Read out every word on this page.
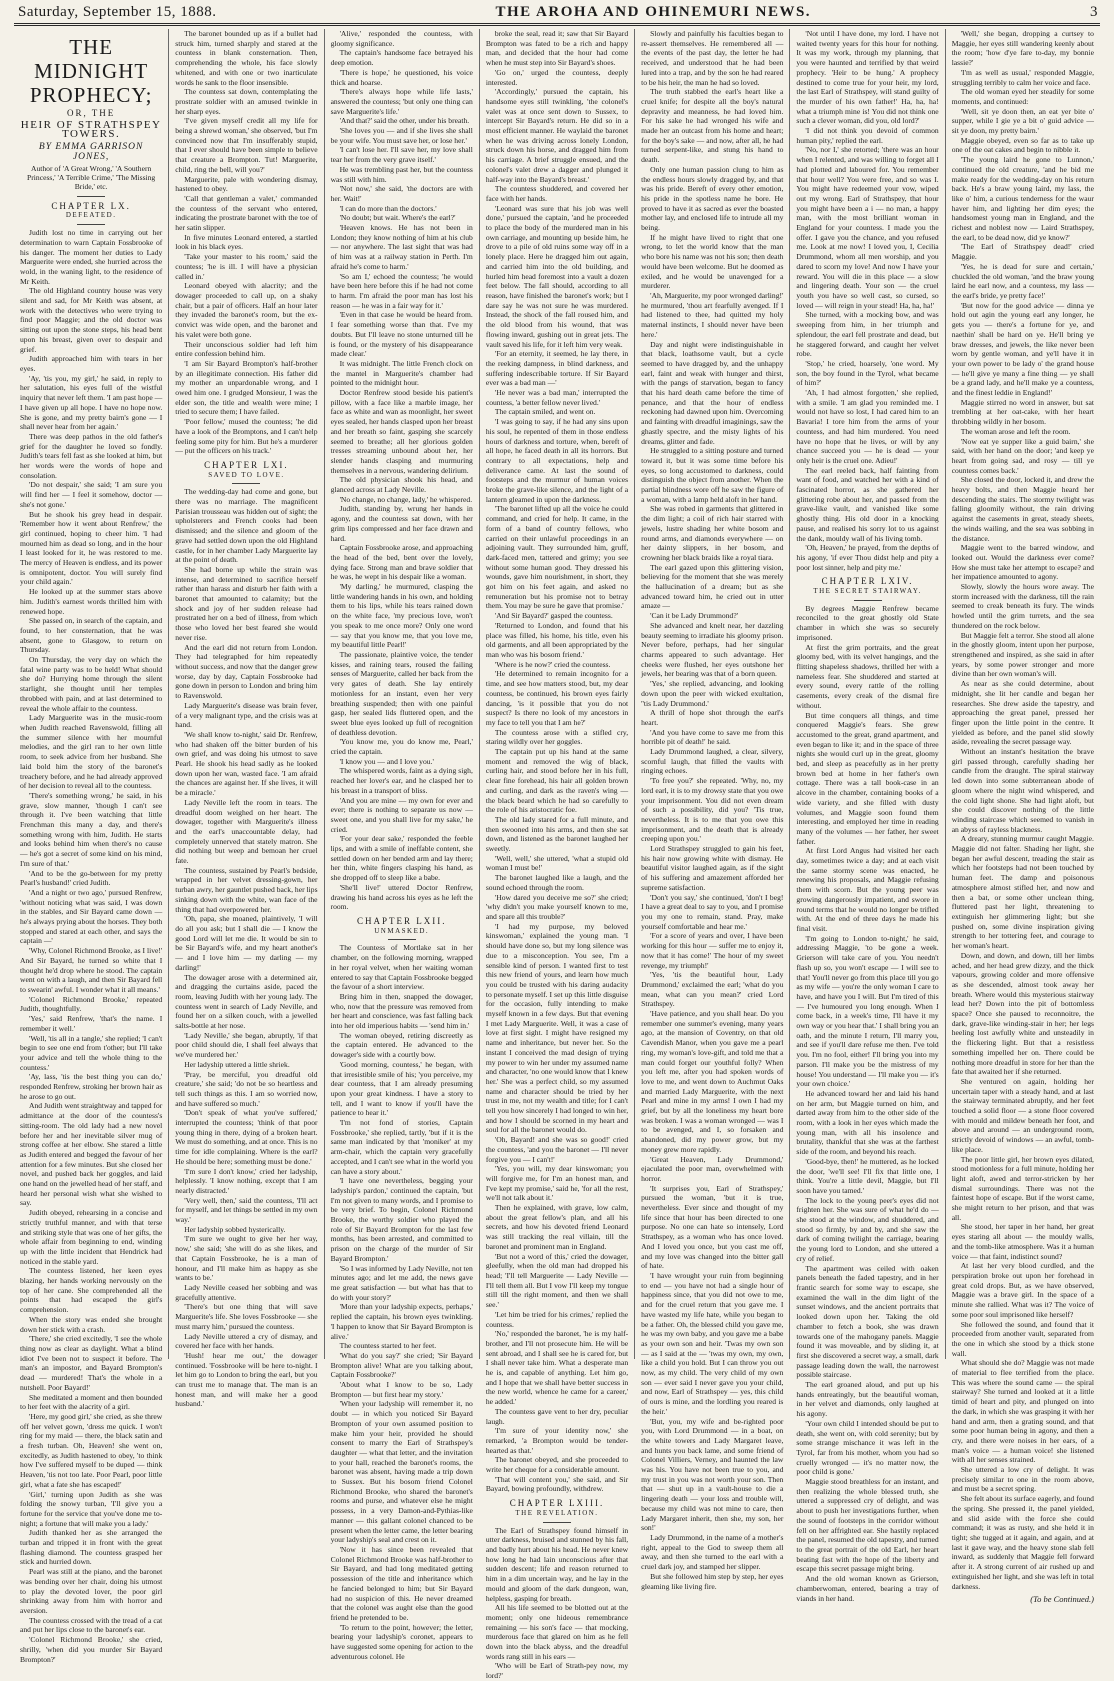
Saturday, September 15, 1888.	THE AROHA AND OHINEMURI NEWS.	3
THE MIDNIGHT PROPHECY;
OR, THE
HEIR OF STRATHSPEY TOWERS.
BY EMMA GARRISON JONES,
Author of 'A Great Wrong,' 'A Southern Princess,' 'A Terrible Crime,' 'The Missing Bride,' etc.
CHAPTER LX.
DEFEATED.

Judith lost no time in carrying out her determination to warn Captain Fossbrooke of his danger. The moment her duties to Lady Marguerite were ended, she hurried across the wold, in the waning light, to the residence of Mr Keith.

The old Highland country house was very silent and sad, for Mr Keith was absent, at work with the detectives who were trying to find poor Maggie; and the old doctor was sitting out upon the stone steps, his head bent upon his breast, given over to despair and grief.

Judith approached him with tears in her eyes.

'Ay, 'tis you, my girl,' he said, in reply to her salutation, his eyes full of the wistful inquiry that never left them. 'I am past hope — I have given up all hope. I have no hope now. She is gone, and my pretty bairn's gone — I shall never hear from her again.'

There was deep pathos in the old father's grief for the daughter he loved so fondly. Judith's tears fell fast as she looked at him, but her words were the words of hope and consolation.

'Do not despair,' she said; 'I am sure you will find her — I feel it somehow, doctor — she's not gone.'

But he shook his grey head in despair. 'Remember how it went about Renfrew,' the girl continued, hoping to cheer him. 'I had mourned him as dead so long, and in the hour I least looked for it, he was restored to me. The mercy of Heaven is endless, and its power is omnipotent, doctor. You will surely find your child again.'

He looked up at the summer stars above him. Judith's earnest words thrilled him with renewed hope.

She passed on, in search of the captain, and found, to her consternation, that he was absent, gone to Glasgow, to return on Thursday.

On Thursday, the very day on which the fatal wine party was to be held! What should she do? Hurrying home through the silent starlight, she thought until her temples throbbed with pain, and at last determined to reveal the whole affair to the countess.

Lady Marguerite was in the music-room when Judith reached Ravenswold, filling all the summer silence with her mournful melodies, and the girl ran to her own little room, to seek advice from her husband. She laid bold him the story of the baronet's treachery before, and he had already approved of her decision to reveal all to the countess.

'There's something wrong,' he said, in his grave, slow manner, 'though I can't see through it. I've been watching that little Frenchman this many a day, and there's something wrong with him, Judith. He starts and looks behind him when there's no cause — he's got a secret of some kind on his mind, I'm sure of that.'

'And to be the go-between for my pretty Pearl's husband!' cried Judith.

'And a night or two ago,' pursued Renfrew, 'without noticing what was said, I was down in the stables, and Sir Bayard came down — he's always prying about the horses. They both stopped and stared at each other, and says the captain —'

'Why, Colonel Richmond Brooke, as I live!' And Sir Bayard, he turned so white that I thought he'd drop where he stood. The captain went on with a laugh, and then Sir Bayard fell to swearin' awful. I wonder what it all means.'

'Colonel Richmond Brooke,' repeated Judith, thoughtfully.

'Yes,' said Renfrew, 'that's the name. I remember it well.'

'Well, 'tis all in a tangle,' she replied; 'I can't begin to see one end from t'other; but I'll take your advice and tell the whole thing to the countess.'

'Ay, lass, 'tis the best thing you can do,' responded Renfrew, stroking her brown hair as he arose to go out.

And Judith went straightway and tapped for admittance at the door of the countess's sitting-room. The old lady had a new novel before her and her inevitable silver mug of strong coffee at her elbow. She stared a little as Judith entered and begged the favour of her attention for a few minutes. But she closed her novel, and pushed back her goggles, and laid one hand on the jewelled head of her staff, and heard her personal wish what she wished to say.

Judith obeyed, rehearsing in a concise and strictly truthful manner, and with that terse and striking style that was one of her gifts, the whole affair from beginning to end, winding up with the little incident that Hendrick had noticed in the stable yard.

The countess listened, her keen eyes blazing, her hands working nervously on the top of her cane. She comprehended all the points that had escaped the girl's comprehension.

When the story was ended she brought down her stick with a crash.

'There,' she cried excitedly, 'I see the whole thing now as clear as daylight. What a blind idiot I've been not to suspect it before. The man's an impostor, and Bayard Brompton's dead — murdered! That's the whole in a nutshell. Poor Bayard!'

She meditated a moment and then bounded to her feet with the alacrity of a girl.

'Here, my good girl,' she cried, as she threw off her velvet gown, 'dress me quick. I won't ring for my maid — there, the black satin and a fresh turban. Oh, Heaven! she went on, excitedly, as Judith hastened to obey, 'to think how I've suffered myself to be duped — think Heaven, 'tis not too late. Poor Pearl, poor little girl, what a fate she has escaped!'

'Girl,' turning upon Judith as she was folding the snowy turban, 'I'll give you a fortune for the service that you've done me to-night; a fortune that will make you a lady.'

Judith thanked her as she arranged the turban and tripped it in front with the great flashing diamond. The countess grasped her stick and hurried down.

Pearl was still at the piano, and the baronet was bending over her chair, doing his utmost to play the devoted lover, the poor girl shrinking away from him with horror and aversion.

The countess crossed with the tread of a cat and put her lips close to the baronet's ear.

'Colonel Richmond Brooke,' she cried, shrilly, 'when did you murder Sir Bayard Brompton?'

The baronet bounded up as if a bullet had struck him, turned sharply and stared at the countess in blank consternation. Then, comprehending the whole, his face slowly whitened, and with one or two inarticulate words he sank to the floor insensible.

The countess sat down, contemplating the prostrate soldier with an amused twinkle in her sharp eyes.

'I've given myself credit all my life for being a shrewd woman,' she observed, 'but I'm convinced now that I'm insufferably stupid, that I ever should have been simple to believe that creature a Brompton. Tut! Marguerite, child, ring the bell, will you?'

Marguerite, pale with wondering dismay, hastened to obey.

'Call that gentleman a valet,' commanded the countess of the servant who entered, indicating the prostrate baronet with the toe of her satin slipper.

In five minutes Leonard entered, a startled look in his black eyes.

'Take your master to his room,' said the countess; 'he is ill. I will have a physician called in.'

Leonard obeyed with alacrity; and the dowager proceeded to call up, on a shaky chair, but a pair of officers. Half an hour later they invaded the baronet's room, but the ex-convict was wide open, and the baronet and his valet were both gone.

Their unconscious soldier had left him entire confession behind him.

'I am Sir Bayard Brompton's half-brother by an illegitimate connection. His father did my mother an unpardonable wrong, and I owed him one. I grudged Monsieur, I was the elder son, the title and wealth were mine; I tried to secure them; I have failed.

'Poor fellow,' mused the countess; 'he did have a look of the Bromptons, and I can't help feeling some pity for him. But he's a murderer — put the officers on his track.'

CHAPTER LXI.
SAVED TO LOVE.

The wedding-day had come and gone, but there was no marriage. The magnificent Parisian trousseau was hidden out of sight; the upholsterers and French cooks had been dismissed; and the silence and gloom of the grave had settled down upon the old Highland castle, for in her chamber Lady Marguerite lay at the point of death.

She had borne up while the strain was intense, and determined to sacrifice herself rather than harass and disturb her faith with a baronet that amounted to calamity; but the shock and joy of her sudden release had prostrated her on a bed of illness, from which those who loved her best feared she would never rise.

And the earl did not return from London. They had telegraphed for him repeatedly without success, and now that the danger grew worse, day by day, Captain Fossbrooke had gone down in person to London and bring him to Ravenswold.

Lady Marguerite's disease was brain fever, of a very malignant type, and the crisis was at hand.

'We shall know to-night,' said Dr. Renfrew, who had shaken off the bitter burden of his own grief, and was doing his utmost to save Pearl. He shook his head sadly as he looked down upon her wan, wasted face. 'I am afraid the chances are against her. If she lives, it will be a miracle.'

Lady Neville left the room in tears. The dreadful doom weighed on her heart. The dowager, together with Marguerite's illness and the earl's unaccountable delay, had completely unnerved that stately matron. She did nothing but weep and bemoan her cruel fate.

The countess, sustained by Pearl's bedside, wrapped in her velvet dressing-gown, her turban awry, her gauntlet pushed back, her lips sinking down with the white, wan face of the thing that had overpowered her.

'Oh, papa, she moaned, plaintively, 'I will do all you ask; but I shall die — I know the good Lord will let me die. It would be sin to be Sir Bayard's wife, and my heart another's — and I love him — my darling — my darling!'

The dowager arose with a determined air, and dragging the curtains aside, paced the room, leaving Judith with her young lady. The countess went in search of Lady Neville, and found her on a silken couch, with a jewelled salts-bottle at her nose.

'Lady Neville,' she began, abruptly, 'if that poor child should die, I shall feel always that we've murdered her.'

Her ladyship uttered a little shriek.

'Pray, be merciful, you dreadful old creature,' she said; 'do not be so heartless and tell such things as this. I am so worried now, and have suffered so much.'

'Don't speak of what you've suffered,' interrupted the countess; 'think of that poor young thing in there, dying of a broken heart. We must do something, and at once. This is no time for idle complaining. Where is the earl? He should be here; something must be done.'

'I'm sure I don't know,' cried her ladyship, helplessly. 'I know nothing, except that I am nearly distracted.'

'Very well, then,' said the countess, 'I'll act for myself, and let things be settled in my own way.'

Her ladyship sobbed hysterically.

'I'm sure we ought to give her her way, now,' she said; 'she will do as she likes, and that Captain Fossbrooke, he is a man of honour, and I'll make him as happy as she wants to be.'

Lady Neville ceased her sobbing and was gracefully attentive.

'There's but one thing that will save Marguerite's life. She loves Fossbrooke — she must marry him,' pursued the countess.

Lady Neville uttered a cry of dismay, and covered her face with her hands.

'Hush! hear me out,' the dowager continued. 'Fossbrooke will be here to-night. I let him go to London to bring the earl, but you can trust me to manage that. The man is an honest man, and will make her a good husband.'

'Alive,' responded the countess, with gloomy significance.

The captain's handsome face betrayed his deep emotion.

'There is hope,' he questioned, his voice thick and hoarse.

'There's always hope while life lasts,' answered the countess; 'but only one thing can save Marguerite's life.'

'And that?' said the other, under his breath.

'She loves you — and if she lives she shall be your wife. You must save her, or lose her.'

'I can't lose her. I'll save her, my love shall tear her from the very grave itself.'

He was trembling past her, but the countess was still with him.

'Not now,' she said, 'the doctors are with her. Wait!'

'I can do more than the doctors.'

'No doubt; but wait. Where's the earl?'

'Heaven knows. He has not been in London; they know nothing of him at his club — nor anywhere. The last sight that was had of him was at a railway station in Perth. I'm afraid he's come to harm.'

'So am I,' echoed the countess; 'he would have been here before this if he had not come to harm. I'm afraid the poor man has lost his reason — he was in a fair way for it.'

'Even in that case he would be heard from. I fear something worse than that. I've my doubts. But I'll leave no stone unturned till he is found, or the mystery of his disappearance made clear.'

It was midnight. The little French clock on the mantel in Marguerite's chamber had pointed to the midnight hour.

Doctor Renfrew stood beside his patient's pillow, with a face like a marble image, her face as white and wan as moonlight, her sweet eyes sealed, her hands clasped upon her breast and her breath so faint, gasping she scarcely seemed to breathe; all her glorious golden tresses streaming unbound about her, her slender hands clasping and murmuring themselves in a nervous, wandering delirium.

The old physician shook his head, and glanced across at Lady Neville.

'No change, no change, lady,' he whispered.

Judith, standing by, wrung her hands in agony, and the countess sat down, with her grim lips compressed and her face drawn and hard.

Captain Fossbrooke arose, and approaching the head of the bed, bent over the lovely, dying face. Strong man and brave soldier that he was, he wept in his despair like a woman.

'My darling,' he murmured, clasping the little wandering hands in his own, and holding them to his lips, while his tears rained down on the white face, 'my precious love, won't you speak to me once more? Only one word — say that you know me, that you love me, my beautiful little Pearl!'

The passionate, plaintive voice, the tender kisses, and raining tears, roused the failing senses of Marguerite, called her back from the very gates of death. She lay entirely motionless for an instant, even her very breathing suspended; then with one painful gasp, her sealed lids fluttered open, and the sweet blue eyes looked up full of recognition of deathless devotion.

'You know me, you do know me, Pearl,' cried the captain.

'I know you — and I love you.'

The whispered words, faint as a dying sigh, reached her lover's ear, and he clasped her to his breast in a transport of bliss.

'And you are mine — my own for ever and ever; there is nothing to separate us now — sweet one, and you shall live for my sake,' he cried.

'For your dear sake,' responded the feeble lips, and with a smile of ineffable content, she settled down on her bended arm and lay there; her thin, white fingers clasping his hand, as she dropped off to sleep like a babe.

'She'll live!' uttered Doctor Renfrew, drawing his hand across his eyes as he left the room.

CHAPTER LXII.
UNMASKED.

The Countess of Mortlake sat in her chamber, on the following morning, wrapped in her royal velvet, when her waiting woman entered to say that Captain Fossbrooke begged the favour of a short interview.

Bring him in then, snapped the dowager, who, now that the pressure was removed from her heart and conscience, was fast falling back into her old imperious habits — 'send him in.'

The woman obeyed, retiring discreetly as the captain entered. He advanced to the dowager's side with a courtly bow.

'Good morning, countess,' he began, with that irresistible smile of his; 'you perceive, my dear countess, that I am already presuming upon your great kindness. I have a story to tell, and I want to know if you'll have the patience to hear it.'

'I'm not fond of stories, Captain Fossbrooke,' she replied, tartly, 'but if it is the same man indicated by that 'moniker' at my arm-chair, which the captain very gracefully accepted, and I can't see what in the world you can have a story about.'

'I have one nevertheless, begging your ladyship's pardon,' continued the captain, 'but I'm not given to many words, and I promise to be very brief. To begin, Colonel Richmond Brooke, the worthy soldier who played the role of Sir Bayard Brompton for the last few months, has been arrested, and committed to prison on the charge of the murder of Sir Bayard Brompton.'

'So I was informed by Lady Neville, not ten minutes ago; and let me add, the news gave me great satisfaction — but what has that to do with your story?'

'More than your ladyship expects, perhaps,' replied the captain, his brown eyes twinkling. 'I happen to know that Sir Bayard Brompton is alive.'

The countess started to her feet.

'What do you say?' she cried; 'Sir Bayard Brompton alive! What are you talking about, Captain Fossbrooke?'

'About what I know to be so, Lady Brompton — but first hear my story.'

'When your ladyship will remember it, no doubt — in which you noticed Sir Bayard Brompton of your own assumed position to make him your heir, provided he should consent to marry the Earl of Strathspey's daughter — what that letter, and the invitation to your hall, reached the baronet's rooms, the baronet was absent, having made a trip down to Sussex. But his bosom friend Colonel Richmond Brooke, who shared the baronet's rooms and purse, and whatever else he might possess, in a very Damon-and-Pythias-like manner — this gallant colonel chanced to be present when the letter came, the letter bearing your ladyship's seal and crest on it.

'Now it has since been revealed that Colonel Richmond Brooke was half-brother to Sir Bayard, and had long meditated getting possession of the title and inheritance which he fancied belonged to him; but Sir Bayard had no suspicion of this. He never dreamed that the colonel was aught else than the good friend he pretended to be.

'To return to the point, however; the letter, bearing your ladyship's coronet, appears to have suggested some opening for action to the adventurous colonel. He

broke the seal, read it; saw that Sir Bayard Brompton was fated to be a rich and happy man, and decided that the hour had come when he must step into Sir Bayard's shoes.

'Go on,' urged the countess, deeply interested.

'Accordingly,' pursued the captain, his handsome eyes still twinkling, 'the colonel's valet was at once sent down to Sussex, to intercept Sir Bayard's return. He did so in a most efficient manner. He waylaid the baronet when he was driving across lonely London, struck down his horse, and dragged him from his carriage. A brief struggle ensued, and the colonel's valet drew a dagger and plunged it half-way into the Bayard's breast.'

The countess shuddered, and covered her face with her hands.

'Leonard was sure that his job was well done,' pursued the captain, 'and he proceeded to place the body of the murdered man in his own carriage, and mounting up beside him, he drove to a pile of old ruins some way off in a lonely place. Here he dragged him out again, and carried him into the old building, and hurled him head foremost into a vault a dozen feet below. The fall should, according to all reason, have finished the baronet's work; but I dare say he was not sure he was murdered. Instead, the shock of the fall roused him, and the old blood from his wound, that was flowing inward, gushing out in great jets. The vault saved his life, for it left him very weak.

'For an eternity, it seemed, he lay there, in the reeking dampness, in blind darkness, and suffering indescribable torture. If Sir Bayard ever was a bad man —'

'He never was a bad man,' interrupted the countess, 'a better fellow never lived.'

The captain smiled, and went on.

'I was going to say, if he had any sins upon his soul, he repented of them in those endless hours of darkness and torture, when, bereft of all hope, he faced death in all its horrors. But contrary to all expectations, help and deliverance came. At last the sound of footsteps and the murmur of human voices broke the grave-like silence, and the light of a lantern gleamed in upon the darkness.

'The baronet lifted up all the voice he could command, and cried for help. It came, in the form of a band of country fellows, who carried on their unlawful proceedings in an adjoining vault. They surrounded him, gruff, dark-faced men, tattered and grimy; you see without some human good. They dressed his wounds, gave him nourishment, in short, they got him on his feet again, and asked no remuneration but his promise not to betray them. You may be sure he gave that promise.'

'And Sir Bayard?' gasped the countess.

'Returned to London, and found that his place was filled, his home, his title, even his old garments, and all been appropriated by the man who was his bosom friend.'

'Where is he now?' cried the countess.

'He determined to remain incognito for a time, and see how matters stood, but, my dear countess, be continued, his brown eyes fairly dancing, 'is it possible that you do not suspect? Is there no look of my ancestors in my face to tell you that I am he?'

The countess arose with a stifled cry, staring wildly over her goggles.

The captain put up his hand at the same moment and removed the wig of black, curling hair, and stood before her in his full, clear fine forehead, his hair all golden brown and curling, and dark as the raven's wing — the black beard which he had so carefully to the role of his aristocratic foe.

The old lady stared for a full minute, and then swooned into his arms, and then she sat down, and listened as the baronet laughed her sweetly.

'Well, well,' she uttered, 'what a stupid old woman I must be!'

The baronet laughed like a laugh, and the sound echoed through the room.

'How dared you deceive me so?' she cried; 'why didn't you make yourself known to me, and spare all this trouble?'

'I had my purpose, my beloved kinswoman,' explained the young man. 'I should have done so, but my long silence was due to a misconception. You see, I'm a sensible kind of person. I wanted first to test this new friend of yours, and learn how much you could be trusted with his daring audacity to personate myself. I set up this little disguise for the occasion, fully intending to make myself known in a few days. But that evening I met Lady Marguerite. Well, it was a case of love at first sight. I might have resigned my name and inheritance, but never her. So the instant I conceived the mad design of trying my power to win her under my assumed name and character, 'no one would know that I knew her.' She was a perfect child, so my assumed name and character should be tried by her trust in me, not my wealth and title; for I can't tell you how sincerely I had longed to win her, and how I should be scorned in my heart and soul for all the baronet would do.

'Oh, Bayard! and she was so good!' cried the countess, 'and you the baronet — I'll never forgive you — I can't!'

'Yes, you will, my dear kinswoman; you will forgive me, for I'm an honest man, and I've kept my promise,' said he, 'for all the rest, we'll not talk about it.'

Then he explained, with grave, low calm, about the great fellow's plan, and all his secrets, and how his devoted friend Leonard was still tracking the real villain, till the baronet and prominent man in England.

'But not a word of this,' cried the dowager, gleefully, when the old man had dropped his head; 'I'll tell Marguerite — Lady Neville — I'll tell them all. But I vow I'll keep my tongue still till the right moment, and then we shall see.'

'Let him be tried for his crimes,' replied the countess.

'No,' responded the baronet, 'he is my half-brother, and I'll not prosecute him. He will be sent abroad, and I shall see he is cared for, but I shall never take him. What a desperate man he is, and capable of anything. Let him go, and I hope that we shall have better success in the new world, whence he came for a career,' he added.'

The countess gave vent to her dry, peculiar laugh.

'I'm sure of your identity now,' she remarked, 'a Brompton would be tender-hearted as that.'

The baronet obeyed, and she proceeded to write her cheque for a considerable amount.

'That will content you,' she said, and Sir Bayard, bowing profoundly, withdrew.

CHAPTER LXIII.
THE REVELATION.

The Earl of Strathspey found himself in utter darkness, bruised and stunned by his fall, and badly hurt about his head. He never knew how long he had lain unconscious after that sudden descent; life and reason returned to him in a dim uncertain way, and he lay in the mould and gloom of the dark dungeon, wan, helpless, gasping for breath.

All his life seemed to be blotted out at the moment; only one hideous remembrance remaining — his son's face — that mocking, murderous face that glared on him as he fell down into the black abyss, and the dreadful words rang still in his ears —

'Who will be Earl of Strath-pey now, my lord?'

Slowly and painfully his faculties began to re-assert themselves. He remembered all — the events of the past day, the letter he had received, and understood that he had been lured into a trap, and by the son he had reared to be his heir, the man he had so loved.

The truth stabbed the earl's heart like a cruel knife; for despite all the boy's natural depravity and meanness, he had loved him. For his sake he had wronged his wife and made her an outcast from his home and heart; for the boy's sake — and now, after all, he had turned serpent-like, and stung his hand to death.

Only one human passion clung to him as the endless hours slowly dragged by, and that was his pride. Bereft of every other emotion, his pride in the spotless name he bore. He proved to have it as sacred as ever the boasted mother lay, and enclosed life to intrude all my being.

If he might have lived to right that one wrong, to let the world know that the man who bore his name was not his son; then death would have been welcome. But he doomed as exiled, and he would be unavenged for a murderer.

'Ah, Marguerite, my poor wronged darling!' he murmured, 'thou art fearfully avenged. If I had listened to thee, had quitted my holy maternal instincts, I should never have been here.'

Day and night were indistinguishable in that black, loathsome vault, but a cycle seemed to have dragged by, and the unhappy earl, faint and weak with hunger and thirst, with the pangs of starvation, began to fancy that his hard death came before the time of penance, and that the hour of endless reckoning had dawned upon him. Overcoming and fainting with dreadful imaginings, saw the ghastly spectre, and the misty lights of his dreams, glitter and fade.

He struggled to a sitting posture and turned toward it, but it was some time before his eyes, so long accustomed to darkness, could distinguish the object from another. When the partial blindness wore off he saw the figure of a woman, with a lamp held aloft in her hand.

She was robed in garments that glittered in the dim light; a coil of rich hair starred with jewels, lustre shading her white bosom and round arms, and diamonds everywhere — on her dainty slippers, in her bosom, and crowning her black braids like a royal tiara.

The earl gazed upon this glittering vision, believing for the moment that she was merely the hallucination of a dream; but as she advanced toward him, he cried out in utter amaze —

'Can it be Lady Drummond?'

She advanced and knelt near, her dazzling beauty seeming to irradiate his gloomy prison. Never before, perhaps, had her singular charms appeared to such advantage. Her cheeks were flushed, her eyes outshone her jewels, her bearing was that of a born queen.

'Yes,' she replied, advancing, and looking down upon the peer with wicked exultation, ''tis Lady Drummond.'

A thrill of hope shot through the earl's heart.

'And you have come to save me from this horrible pit of death!' he said.

Lady Drummond laughed, a clear, silvery, scornful laugh, that filled the vaults with ringing echoes.

'To free you?' she repeated. 'Why, no, my lord earl, it is to my drowsy state that you owe your imprisonment. You did not even dream of such a possibility, did you? 'Tis true, nevertheless. It is to me that you owe this imprisonment, and the death that is already creeping upon you.'

Lord Strathspey struggled to gain his feet, his hair now growing white with dismay. He beautiful visitor laughed again, as if the sight of his suffering and amazement afforded her supreme satisfaction.

'Don't you say,' she continued, 'don't I beg! I have a great deal to say to you, and I promise you my one to remain, stand. Pray, make yourself comfortable and hear me.'

'For a score of years and over, I have been working for this hour — suffer me to enjoy it, now that it has come!' The hour of my sweet revenge, my triumph!'

'Yes, 'tis the beautiful hour, Lady Drummond,' exclaimed the earl; 'what do you mean, what can you mean?' cried Lord Strathspey.

'Have patience, and you shall hear. Do you remember one summer's evening, many years ago, at the mansion of Coventry, on that old Cavendish Manor, when you gave me a pearl ring, my woman's love-gift, and told me that a man could forget our youthful folly? When you left me, after you had spoken words of love to me, and went down to Auchmut Oaks and married Lady Marguerite, with the next Pearl and mine in my arms! I own I had my grief, but by all the loneliness my heart bore was broken. I was a woman wronged — was I to be avenged, and I, so forsaken and abandoned, did my power grow, but my money grew more rapidly.

'Great Heaven, Lady Drummond,' ejaculated the poor man, overwhelmed with horror.

'It surprises you, Earl of Strathspey,' pursued the woman, 'but it is true, nevertheless. Ever since and thought of my life since that hour has been directed to one purpose. No one can hate so intensely, Lord Strathspey, as a woman who has once loved. And I loved you once, but you cast me off, and my love was changed into the bitter gall of hate.

'I have wrought your ruin from beginning to end — you have not had a single hour of happiness since, that you did not owe to me, and for the cruel return that you gave me. I have wasted my life hate, while you began to be a father. Oh, the blessed child you gave me, he was my own baby, and you gave me a babe as your own son and heir. 'Twas my own son — as I said at the — 'twas my own, my own, like a child you hold. But I can throw you out now, as my child. The very child of my own son — ever said I never gave you your child, and now, Earl of Strathspey — yes, this child of ours is mine, and the lordling you reared is the heir.'

'But, you, my wife and be-righted poor you, with Lord Drummond — in a boat, on the white towers and Lady Margaret leave, and hunts you back lame, and some friend of Colonel Villiers, Verney, and haunted the law was his. You have not been true to you, and my trust in you was not worth your son. Then that — shut up in a vault-house to die a lingering death — your loss and trouble will, because my child was not mine to care, then Lady Margaret inherit, then she, my son, her son!'

Lady Drummond, in the name of a mother's right, appeal to the God to sweep them all away, and then she turned to the earl with a cruel dark joy, and stamped her slipper.

But she followed him step by step, her eyes gleaming like living fire.

'Not until I have done, my lord. I have not waited twenty years for this hour for nothing. It was my work, through my planning, that you were haunted and terrified by that weird prophecy. 'Heir to be hung.' A prophecy destined to come true for your heir, my lord, the last Earl of Strathspey, will stand guilty of the murder of his own father!' Ha, ha, ha! what a triumph mine is! You did not think one such a clever woman, did you, old lord?'

'I did not think you devoid of common human pity,' replied the earl.

'No, nor I,' she retorted; 'there was an hour when I relented, and was willing to forget all I had plotted and laboured for. You remember that hour well? You were free, and so was I. You might have redeemed your vow, wiped out my wrong. Earl of Strathspey, that hour you might have been a i — no man, a happy man, with the most brilliant woman in England for your countess. I made you the offer. I gave you the chance, and you refused me. Look at me now! I loved you, I, Cecilia Drummond, whom all men worship, and you dared to scorn my love! And now I have your reward. You will die in this place — a slow and lingering death. Your son — the cruel youth you have so well cast, so cursed, so loved — will reign in your stead! Ha, ha, ha!'

She turned, with a mocking bow, and was sweeping from him, in her triumph and splendour, the earl fell prostrate and dead, but he staggered forward, and caught her velvet robe.

'Stop,' he cried, hoarsely, 'one word. My son, the boy found in the Tyrol, what became of him?'

'Ah, I had almost forgotten,' she replied, with a smile. 'I am glad you reminded me. I would not have so lost, I had cared him to an Bavaria! I tore him from the arms of your countess, and had him murdered. You need have no hope that he lives, or will by any chance succeed you — he is dead — your only heir is the cruel one. Adieu!'

The earl reeled back, half fainting from want of food, and watched her with a kind of fascinated horror, as she gathered her glittering robe about her, and passed from the grave-like vault, and vanished like some ghostly thing. His old door in a knocking pause, and realised his sorry lot to us against the dank, mouldy wall of his living tomb.

'Oh, Heaven,' he prayed, from the depths of his agony, 'if ever Thou didst help and pity a poor lost sinner, help and pity me.'

CHAPTER LXIV.
THE SECRET STAIRWAY.

By degrees Maggie Renfrew became reconciled to the great ghostly old State chamber in which she was so securely imprisoned.

At first the grim portraits, and the great gloomy bed, with its velvet hangings, and the flitting shapeless shadows, thrilled her with a nameless fear. She shuddered and started at every sound, every rattle of the rolling casements, every creak of the dismal fire without.

But time conquers all things, and time conquered Maggie's fears. She grew accustomed to the great, grand apartment, and even began to like it; and in the space of three nights she would curl up in the great, gloomy bed, and sleep as peacefully as in her pretty brown bed at home in her father's own cottage. There was a tall book-case in an alcove in the chamber, containing books of a wide variety, and she filled with dusty volumes, and Maggie soon found them interesting, and employed her time in reading many of the volumes — her father, her sweet father.

At first Lord Angus had visited her each day, sometimes twice a day; and at each visit the same stormy scene was enacted, he renewing his proposals, and Maggie refusing them with scorn. But the young peer was growing dangerously impatient, and swore in round terms that he would no longer be trifled with. At the end of three days he made his final visit.

'I'm going to London to-night,' he said, addressing Maggie, 'to be gone a week. Grierson will take care of you. You needn't flash up so, you won't escape — I will see to that! You'll never go from this place till you go as my wife — you're the only woman I care to have, and have you I will. But I'm tired of this — I've humoured you long enough. When I come back, in a week's time, I'll have it my own way or you hear that.' I shall bring you an oath, and the minute I return, I'll marry you, and see if you'll dare refuse me then. I've told you. I'm no fool, either! I'll bring you into my parson. I'll make you be the mistress of my house! You understand — I'll make you — it's your own choice.'

He advanced toward her and laid his hand on her arm, but Maggie turned on him, and darted away from him to the other side of the room, with a look in her eyes which made the young man, with all his insolence and brutality, thankful that she was at the farthest side of the room, and beyond his reach.

'Good-bye, then!' he muttered, as he locked the door, 'we'll see! I'll fix that little one, I think. You're a little devil, Maggie, but I'll soon have you tamed.'

The lock to the young peer's eyes did not frighten her. She was sure of what he'd do — she stood at the window, and shuddered, and stood so firmly, by and by, and she saw the dark of coming twilight the carriage, bearing the young lord to London, and she uttered a cry of relief.

The apartment was ceiled with oaken panels beneath the faded tapestry, and in her frantic search for some way to escape, she examined the wall in the dim light of the sunset windows, and the ancient portraits that looked down upon her. Taking the old chamber to fetch a book, she was drawn towards one of the mahogany panels. Maggie found it was moveable, and by sliding it, at first she discovered a secret way, a small, dark passage leading down the wall, the narrowest possible staircase.

The earl groaned aloud, and put up his hands entreatingly, but the beautiful woman, in her velvet and diamonds, only laughed at his agony.

'Your own child I intended should be put to death, she went on, with cold serenity; but by some strange mischance it was left in the Tyrol, far from his mother, whom you had so cruelly wronged — it's no matter now, the poor child is gone.'

Maggie stood breathless for an instant, and then realizing the whole blessed truth, she uttered a suppressed cry of delight, and was about to push her investigations further, when the sound of footsteps in the corridor without fell on her affrighted ear. She hastily replaced the panel, resumed the old tapestry, and turned to the great portrait of the old Earl, her heart beating fast with the hope of the liberty and escape this secret passage might bring.

And the old woman known as Grierson, chamberwoman, entered, bearing a tray of viands in her hand.

'Well,' she began, dropping a curtsey to Maggie, her eyes still wandering keenly about the room; 'how d'ye fare to-day, my bonnie lassie?'

'I'm as well as usual,' responded Maggie, struggling terribly to calm her voice and face.

The old woman eyed her steadily for some moments, and continued:

'Well, sit ye doon then, an eat yer bite o' supper, while I gie ye a bit o' guid advice — sit ye doon, my pretty bairn.'

Maggie obeyed, even so far as to take up one of the oat cakes and begin to nibble it.

'The young laird he gone to Lunnon,' continued the old creature, 'and he bid me make ready for the wedding-day on his return back. He's a braw young laird, my lass, the like o' him, a curious tenderness for the waur haver him, and lighting her dim eyes; the handsomest young man in England, and the richest and noblest now — Laird Strathspey, the earl, to be dead now, did ye know?'

'The Earl of Strathspey dead!' cried Maggie.

'Yes, he is dead for sure and certain,' chuckled the old woman, 'and the braw young laird he earl now, and a countess, my lass — the earl's bride, ye pretty face!'

'But now for the good advice — dinna ye hold out agin the young earl any longer, he gets you — there's a fortune for ye, and naethin' shall be hard on ye. He'll bring ye braw dresses, and jewels, the like never been worn by gentle woman, and ye'll have it in your own power to be lady o' the grand house — he'll give ye many a fine thing — ye shall be a grand lady, and he'll make ye a countess, and the finest leddie in England!'

Maggie stirred no word in answer, but sat trembling at her oat-cake, with her heart throbbing wildly in her bosom.

The woman arose and left the room.

'Now eat ye supper like a guid bairn,' she said, with her hand on the door; 'and keep ye heart from going sad, and rosy — till ye countess comes back.'

She closed the door, locked it, and drew the heavy bolts, and then Maggie heard her descending the stairs. The stormy twilight was falling gloomily without, the rain driving against the casements in great, steady sheets, the winds wailing, and the sea was sobbing in the distance.

Maggie went to the barred window, and looked out. Would the darkness ever come? How she must take her attempt to escape? and her impatience amounted to agony.

Slowly, slowly the hours wore away. The storm increased with the darkness, till the rain seemed to creak beneath its fury. The winds howled until the grim turrets, and the sea thundered on the rock below.

But Maggie felt a terror. She stood all alone in the ghostly gloom, intent upon her purpose, strengthened and inspired, as she said in after years, by some power stronger and more divine than her own woman's will.

As near as she could determine, about midnight, she lit her candle and began her researches. She drew aside the tapestry, and approaching the great panel, pressed her finger upon the little point in the centre. It yielded as before, and the panel slid slowly aside, revealing the secret passage way.

Without an instant's hesitation the brave girl passed through, carefully shading her candle from the draught. The spiral stairway led down into some subterranean abode of gloom where the night wind whispered, and the cold light shone. She had light aloft, but she could discover nothing of the little winding staircase which seemed to vanish in an abyss of rayless blackness.

A dreary, stunning murmur caught Maggie. Maggie did not falter. Shading her light, she began her awful descent, treading the stair as which her footsteps had not been touched by human feet. The damp and poisonous atmosphere almost stifled her, and now and then a bat, or some other unclean thing, fluttered past her light, threatening to extinguish her glimmering light; but she pushed on, some divine inspiration giving strength to her tottering feet, and courage to her woman's heart.

Down, and down, and down, till her limbs ached, and her head grew dizzy, and the thick vapours, growing colder and more offensive as she descended, almost took away her breath. Where would this mysterious stairway lead her? Down into the pit of bottomless space? Once she paused to reconnoitre, the dark, grave-like winding-stair in her; her legs heeling lost awfully white and unsteadily in the flickering light. But that a resistless something impelled her on. There could be nothing more dreadful in store for her than the fate that awaited her if she returned.

She ventured on again, holding her uncertain taper with a steady hand, and at last the stairway terminated abruptly, and her feet touched a solid floor — a stone floor covered with mould and mildew beneath her foot, and above and around — an underground room, strictly devoid of windows — an awful, tomb-like place.

The poor little girl, her brown eyes dilated, stood motionless for a full minute, holding her light aloft, awed and terror-stricken by her dismal surroundings. There was not the faintest hope of escape. But if the worst came, she might return to her prison, and that was all.

She stood, her taper in her hand, her great eyes staring all about — the mouldy walls, and the tomb-like atmosphere. Was it a human voice — that faint, indistinct sound?

At last her very blood curdled, and the perspiration broke out upon her forehead in great cold drops. But, as we have observed, Maggie was a brave girl. In the space of a minute she rallied. What was it? The voice of some poor soul imprisoned like herself?

She followed the sound, and found that it proceeded from another vault, separated from the one in which she stood by a thick stone wall.

What should she do? Maggie was not made of material to flee terrified from the place. This was where the sound came — the spiral stairway? She turned and looked at it a little timid of heart and pity, and plunged on into the dark, in which she was grasping it with her hand and arm, then a grating sound, and that some poor human being in agony, and then a cry, and there were noises in her ears, of a man's voice — a human voice! she listened with all her senses strained.

She uttered a low cry of delight. It was precisely similar to one in the room above, and must be a secret spring.

She felt about its surface eagerly, and found the spring. She pressed it, the panel yielded, and slid aside with the force she could command; it was as rusty, and she held it in tight; she tugged at it again, and again, and at last it gave way, and the heavy stone slab fell inward, as suddenly that Maggie fell forward after it. A strong current of air rushed up and extinguished her light, and she was left in total darkness.

(To be Continued.)
